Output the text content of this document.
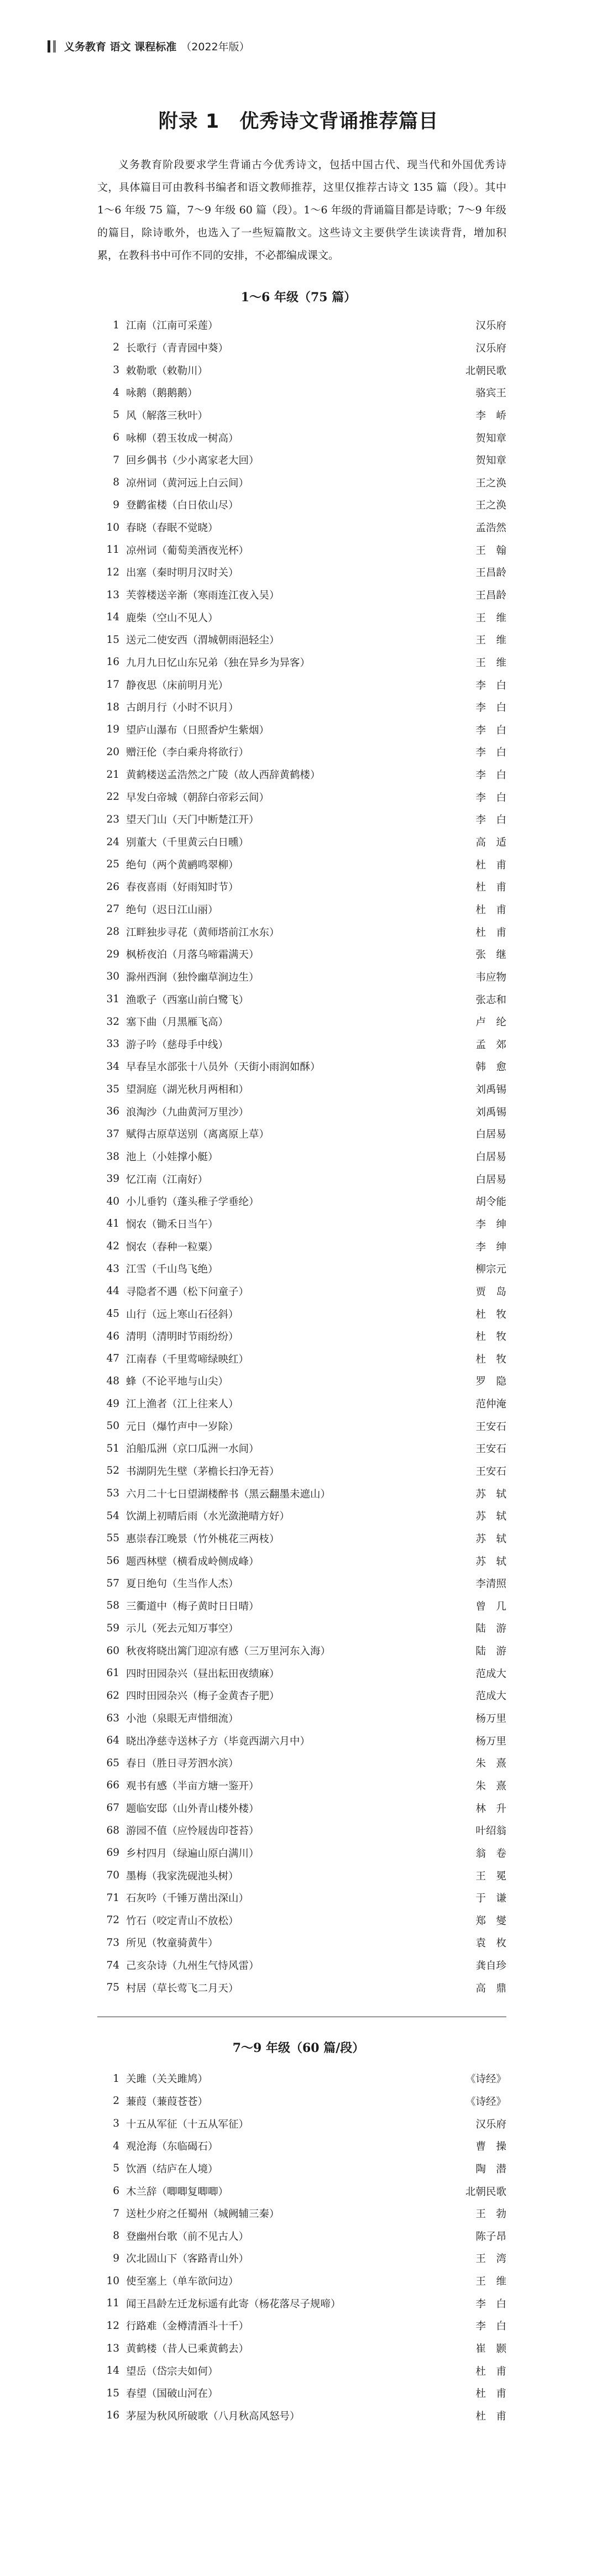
义务教育
语文
课程标准 （2022年版）
附录 1　优秀诗文背诵推荐篇目

义务教育阶段要求学生背诵古今优秀诗文，包括中国古代、现当代和外国优秀诗文，具体篇目可由教科书编者和语文教师推荐，这里仅推荐古诗文 135 篇（段）。其中 1～6 年级 75 篇，7～9 年级 60 篇（段）。1～6 年级的背诵篇目都是诗歌；7～9 年级的篇目，除诗歌外，也选入了一些短篇散文。这些诗文主要供学生读读背背，增加积累，在教科书中可作不同的安排，不必都编成课文。

1～6 年级（75 篇）
1 江南（江南可采莲）	汉乐府
2 长歌行（青青园中葵）	汉乐府
3 敕勒歌（敕勒川）	北朝民歌
4 咏鹅（鹅鹅鹅）	骆宾王
5 风（解落三秋叶）	李　峤
6 咏柳（碧玉妆成一树高）	贺知章
7 回乡偶书（少小离家老大回）	贺知章
8 凉州词（黄河远上白云间）	王之涣
9 登鹳雀楼（白日依山尽）	王之涣
10 春晓（春眠不觉晓）	孟浩然
11 凉州词（葡萄美酒夜光杯）	王　翰
12 出塞（秦时明月汉时关）	王昌龄
13 芙蓉楼送辛渐（寒雨连江夜入吴）	王昌龄
14 鹿柴（空山不见人）	王　维
15 送元二使安西（渭城朝雨浥轻尘）	王　维
16 九月九日忆山东兄弟（独在异乡为异客）	王　维
17 静夜思（床前明月光）	李　白
18 古朗月行（小时不识月）	李　白
19 望庐山瀑布（日照香炉生紫烟）	李　白
20 赠汪伦（李白乘舟将欲行）	李　白
21 黄鹤楼送孟浩然之广陵（故人西辞黄鹤楼）	李　白
22 早发白帝城（朝辞白帝彩云间）	李　白
23 望天门山（天门中断楚江开）	李　白
24 别董大（千里黄云白日曛）	高　适
25 绝句（两个黄鹂鸣翠柳）	杜　甫
26 春夜喜雨（好雨知时节）	杜　甫
27 绝句（迟日江山丽）	杜　甫
28 江畔独步寻花（黄师塔前江水东）	杜　甫
29 枫桥夜泊（月落乌啼霜满天）	张　继
30 滁州西涧（独怜幽草涧边生）	韦应物
31 渔歌子（西塞山前白鹭飞）	张志和
32 塞下曲（月黑雁飞高）	卢　纶
33 游子吟（慈母手中线）	孟　郊
34 早春呈水部张十八员外（天街小雨润如酥）	韩　愈
35 望洞庭（湖光秋月两相和）	刘禹锡
36 浪淘沙（九曲黄河万里沙）	刘禹锡
37 赋得古原草送别（离离原上草）	白居易
38 池上（小娃撑小艇）	白居易
39 忆江南（江南好）	白居易
40 小儿垂钓（蓬头稚子学垂纶）	胡令能
41 悯农（锄禾日当午）	李　绅
42 悯农（春种一粒粟）	李　绅
43 江雪（千山鸟飞绝）	柳宗元
44 寻隐者不遇（松下问童子）	贾　岛
45 山行（远上寒山石径斜）	杜　牧
46 清明（清明时节雨纷纷）	杜　牧
47 江南春（千里莺啼绿映红）	杜　牧
48 蜂（不论平地与山尖）	罗　隐
49 江上渔者（江上往来人）	范仲淹
50 元日（爆竹声中一岁除）	王安石
51 泊船瓜洲（京口瓜洲一水间）	王安石
52 书湖阴先生壁（茅檐长扫净无苔）	王安石
53 六月二十七日望湖楼醉书（黑云翻墨未遮山）	苏　轼
54 饮湖上初晴后雨（水光潋滟晴方好）	苏　轼
55 惠崇春江晚景（竹外桃花三两枝）	苏　轼
56 题西林壁（横看成岭侧成峰）	苏　轼
57 夏日绝句（生当作人杰）	李清照
58 三衢道中（梅子黄时日日晴）	曾　几
59 示儿（死去元知万事空）	陆　游
60 秋夜将晓出篱门迎凉有感（三万里河东入海）	陆　游
61 四时田园杂兴（昼出耘田夜绩麻）	范成大
62 四时田园杂兴（梅子金黄杏子肥）	范成大
63 小池（泉眼无声惜细流）	杨万里
64 晓出净慈寺送林子方（毕竟西湖六月中）	杨万里
65 春日（胜日寻芳泗水滨）	朱　熹
66 观书有感（半亩方塘一鉴开）	朱　熹
67 题临安邸（山外青山楼外楼）	林　升
68 游园不值（应怜屐齿印苍苔）	叶绍翁
69 乡村四月（绿遍山原白满川）	翁　卷
70 墨梅（我家洗砚池头树）	王　冕
71 石灰吟（千锤万凿出深山）	于　谦
72 竹石（咬定青山不放松）	郑　燮
73 所见（牧童骑黄牛）	袁　枚
74 己亥杂诗（九州生气恃风雷）	龚自珍
75 村居（草长莺飞二月天）	高　鼎
7～9 年级（60 篇/段）
1 关雎（关关雎鸠）	《诗经》
2 蒹葭（蒹葭苍苍）	《诗经》
3 十五从军征（十五从军征）	汉乐府
4 观沧海（东临碣石）	曹　操
5 饮酒（结庐在人境）	陶　潜
6 木兰辞（唧唧复唧唧）	北朝民歌
7 送杜少府之任蜀州（城阙辅三秦）	王　勃
8 登幽州台歌（前不见古人）	陈子昂
9 次北固山下（客路青山外）	王　湾
10 使至塞上（单车欲问边）	王　维
11 闻王昌龄左迁龙标遥有此寄（杨花落尽子规啼）	李　白
12 行路难（金樽清酒斗十千）	李　白
13 黄鹤楼（昔人已乘黄鹤去）	崔　颢
14 望岳（岱宗夫如何）	杜　甫
15 春望（国破山河在）	杜　甫
16 茅屋为秋风所破歌（八月秋高风怒号）	杜　甫
